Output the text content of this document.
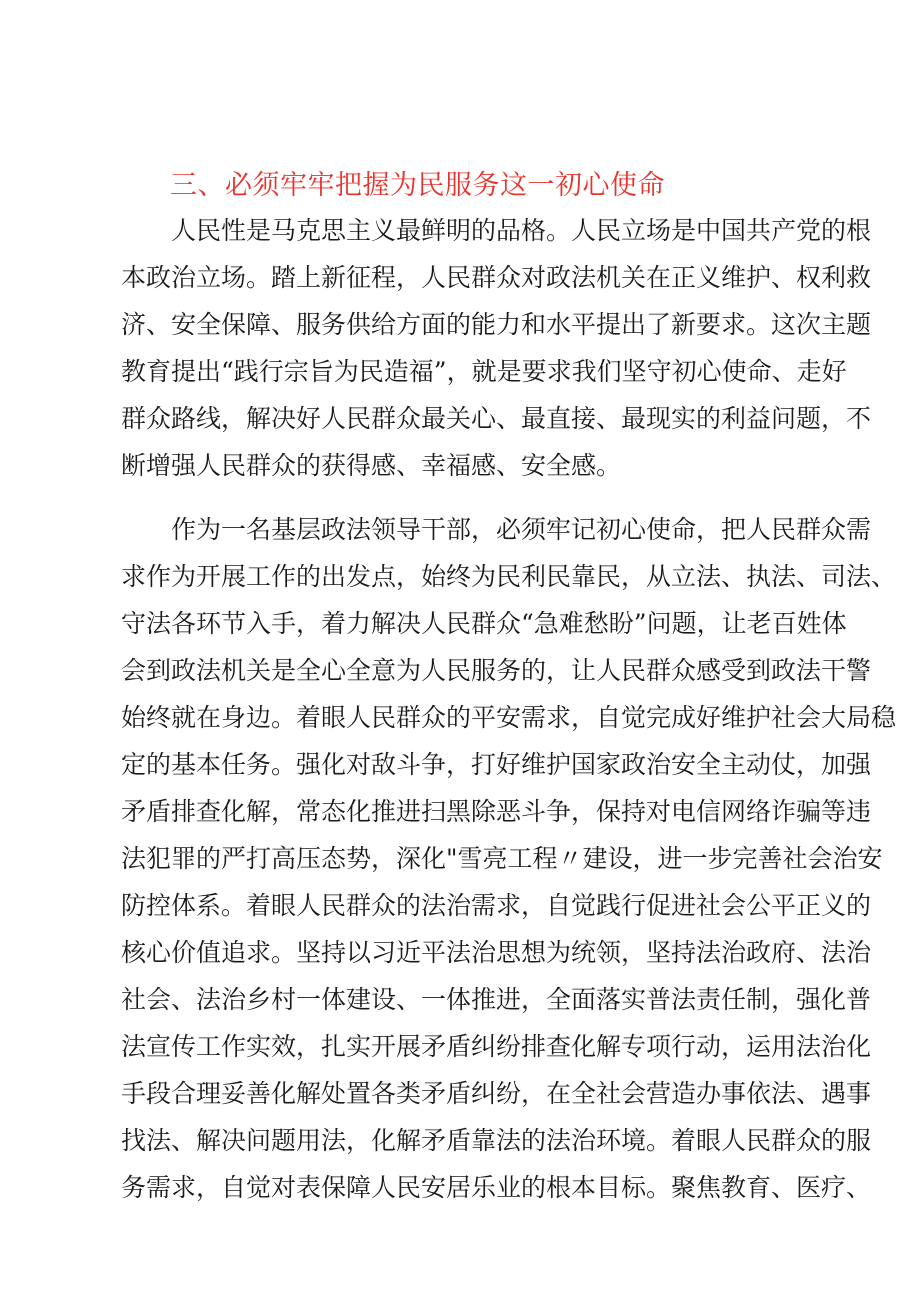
三、必须牢牢把握为民服务这一初心使命
人民性是马克思主义最鲜明的品格。人民立场是中国共产党的根
本政治立场。踏上新征程，人民群众对政法机关在正义维护、权利救
济、安全保障、服务供给方面的能力和水平提出了新要求。这次主题
教育提出“践行宗旨为民造福”，就是要求我们坚守初心使命、走好
群众路线，解决好人民群众最关心、最直接、最现实的利益问题，不
断增强人民群众的获得感、幸福感、安全感。
作为一名基层政法领导干部，必须牢记初心使命，把人民群众需
求作为开展工作的出发点，始终为民利民靠民，从立法、执法、司法、
守法各环节入手，着力解决人民群众“急难愁盼”问题，让老百姓体
会到政法机关是全心全意为人民服务的，让人民群众感受到政法干警
始终就在身边。着眼人民群众的平安需求，自觉完成好维护社会大局稳
定的基本任务。强化对敌斗争，打好维护国家政治安全主动仗，加强
矛盾排查化解，常态化推进扫黑除恶斗争，保持对电信网络诈骗等违
法犯罪的严打高压态势，深化"雪亮工程〃建设，进一步完善社会治安
防控体系。着眼人民群众的法治需求，自觉践行促进社会公平正义的
核心价值追求。坚持以习近平法治思想为统领，坚持法治政府、法治
社会、法治乡村一体建设、一体推进，全面落实普法责任制，强化普
法宣传工作实效，扎实开展矛盾纠纷排查化解专项行动，运用法治化
手段合理妥善化解处置各类矛盾纠纷，在全社会营造办事依法、遇事
找法、解决问题用法，化解矛盾靠法的法治环境。着眼人民群众的服
务需求，自觉对表保障人民安居乐业的根本目标。聚焦教育、医疗、
